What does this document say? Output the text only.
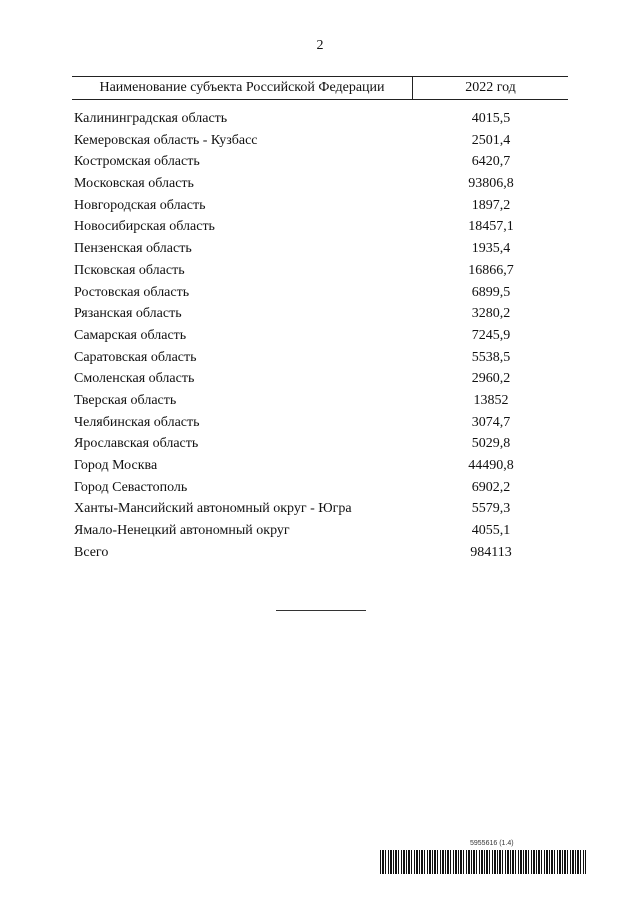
2
Наименование субъекта Российской Федерации	2022 год
Калининградская область	4015,5
Кемеровская область - Кузбасс	2501,4
Костромская область	6420,7
Московская область	93806,8
Новгородская область	1897,2
Новосибирская область	18457,1
Пензенская область	1935,4
Псковская область	16866,7
Ростовская область	6899,5
Рязанская область	3280,2
Самарская область	7245,9
Саратовская область	5538,5
Смоленская область	2960,2
Тверская область	13852
Челябинская область	3074,7
Ярославская область	5029,8
Город Москва	44490,8
Город Севастополь	6902,2
Ханты-Мансийский автономный округ - Югра	5579,3
Ямало-Ненецкий автономный округ	4055,1
Всего	984113
5955616 (1.4)
